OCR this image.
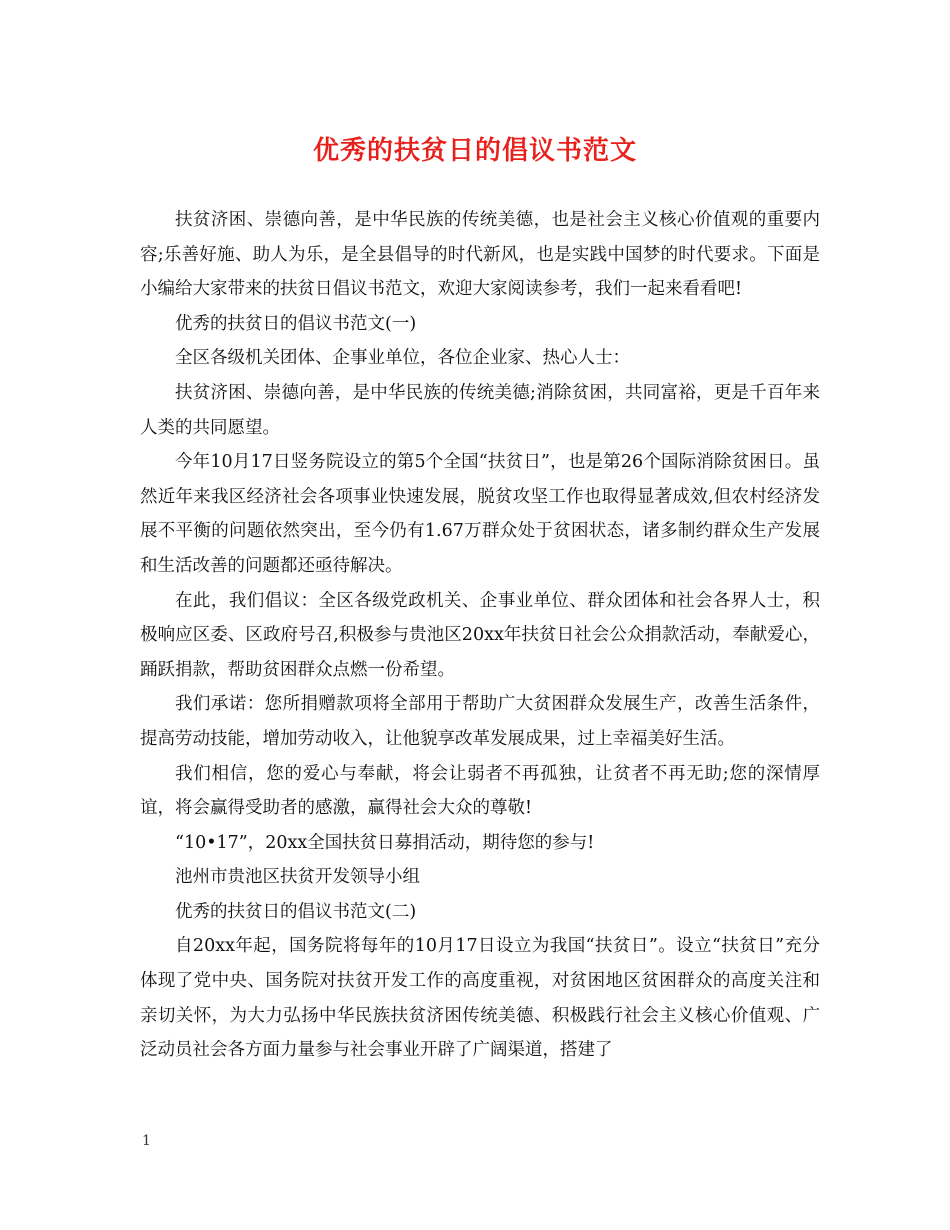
优秀的扶贫日的倡议书范文

扶贫济困、崇德向善，是中华民族的传统美德，也是社会主义核心价值观的重要内容;乐善好施、助人为乐，是全县倡导的时代新风，也是实践中国梦的时代要求。下面是小编给大家带来的扶贫日倡议书范文，欢迎大家阅读参考，我们一起来看看吧!

优秀的扶贫日的倡议书范文(一)

全区各级机关团体、企事业单位，各位企业家、热心人士：

扶贫济困、崇德向善，是中华民族的传统美德;消除贫困，共同富裕，更是千百年来人类的共同愿望。

今年10月17日竖务院设立的第5个全国“扶贫日”，也是第26个国际消除贫困日。虽然近年来我区经济社会各项事业快速发展，脱贫攻坚工作也取得显著成效,但农村经济发展不平衡的问题依然突出，至今仍有1.67万群众处于贫困状态，诸多制约群众生产发展和生活改善的问题都还亟待解决。

在此，我们倡议：全区各级党政机关、企事业单位、群众团体和社会各界人士，积极响应区委、区政府号召,积极参与贵池区20xx年扶贫日社会公众捐款活动，奉献爱心，踊跃捐款，帮助贫困群众点燃一份希望。

我们承诺：您所捐赠款项将全部用于帮助广大贫困群众发展生产，改善生活条件，提高劳动技能，增加劳动收入，让他貌享改革发展成果，过上幸福美好生活。

我们相信，您的爱心与奉献，将会让弱者不再孤独，让贫者不再无助;您的深情厚谊，将会赢得受助者的感激，赢得社会大众的尊敬!

“10•17”，20xx全国扶贫日募捐活动，期待您的参与!

池州市贵池区扶贫开发领导小组

优秀的扶贫日的倡议书范文(二)

自20xx年起，国务院将每年的10月17日设立为我国“扶贫日”。设立“扶贫日”充分体现了党中央、国务院对扶贫开发工作的高度重视，对贫困地区贫困群众的高度关注和亲切关怀，为大力弘扬中华民族扶贫济困传统美德、积极践行社会主义核心价值观、广泛动员社会各方面力量参与社会事业开辟了广阔渠道，搭建了

1
